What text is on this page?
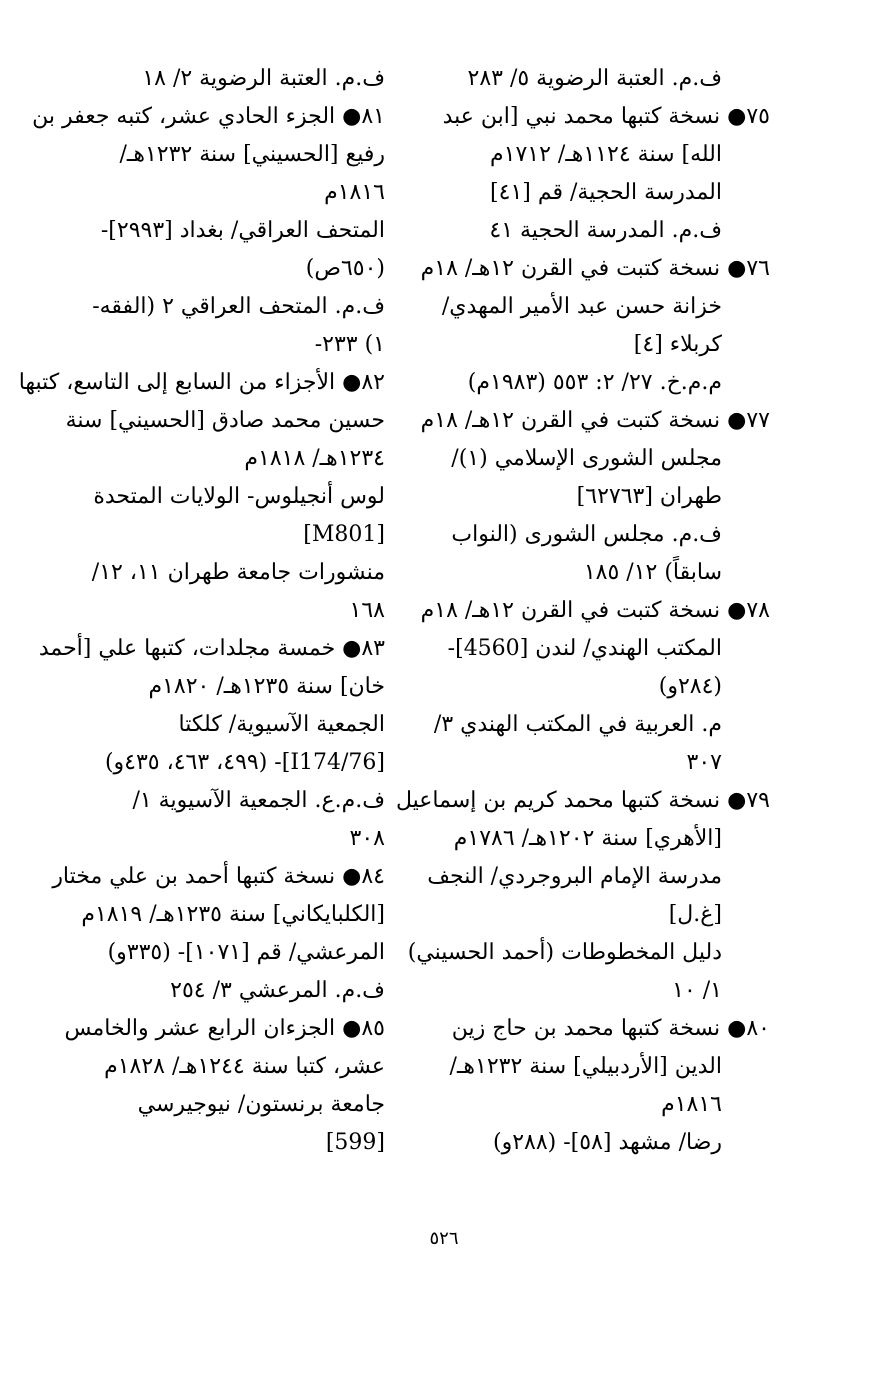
ف.م. العتبة الرضوية ٥/ ٢٨٣
٧٥● نسخة كتبها محمد نبي [ابن عبد
الله] سنة ١١٢٤هـ/ ١٧١٢م
المدرسة الحجية/ قم [٤١]
ف.م. المدرسة الحجية ٤١
٧٦● نسخة كتبت في القرن ١٢هـ/ ١٨م
خزانة حسن عبد الأمير المهدي/
كربلاء [٤]
م.م.خ. ٢٧/ ٢: ٥٥٣ (١٩٨٣م)
٧٧● نسخة كتبت في القرن ١٢هـ/ ١٨م
مجلس الشورى الإسلامي (١)/
طهران [٦٢٧٦٣]
ف.م. مجلس الشورى (النواب
سابقاً) ١٢/ ١٨٥
٧٨● نسخة كتبت في القرن ١٢هـ/ ١٨م
المكتب الهندي/ لندن [4560]-
(٢٨٤و)
م. العربية في المكتب الهندي ٣/
٣٠٧
٧٩● نسخة كتبها محمد كريم بن إسماعيل
[الأهري] سنة ١٢٠٢هـ/ ١٧٨٦م
مدرسة الإمام البروجردي/ النجف
[غ.ل]
دليل المخطوطات (أحمد الحسيني)
١/ ١٠
٨٠● نسخة كتبها محمد بن حاج زين
الدين [الأردبيلي] سنة ١٢٣٢هـ/
١٨١٦م
رضا/ مشهد [٥٨]- (٢٨٨و)
ف.م. العتبة الرضوية ٢/ ١٨
٨١● الجزء الحادي عشر، كتبه جعفر بن
رفيع [الحسيني] سنة ١٢٣٢هـ/
١٨١٦م
المتحف العراقي/ بغداد [٢٩٩٣]-
(٦٥٠ص)
ف.م. المتحف العراقي ٢ (الفقه-
١) ٢٣٣-
٨٢● الأجزاء من السابع إلى التاسع، كتبها
حسين محمد صادق [الحسيني] سنة
١٢٣٤هـ/ ١٨١٨م
لوس أنجيلوس- الولايات المتحدة
[M801]
منشورات جامعة طهران ١١، ١٢/
١٦٨
٨٣● خمسة مجلدات، كتبها علي [أحمد
خان] سنة ١٢٣٥هـ/ ١٨٢٠م
الجمعية الآسيوية/ كلكتا
[I174/76]- (٤٩٩، ٤٦٣، ٤٣٥و)
ف.م.ع. الجمعية الآسيوية ١/
٣٠٨
٨٤● نسخة كتبها أحمد بن علي مختار
[الكلبايكاني] سنة ١٢٣٥هـ/ ١٨١٩م
المرعشي/ قم [١٠٧١]- (٣٣٥و)
ف.م. المرعشي ٣/ ٢٥٤
٨٥● الجزءان الرابع عشر والخامس
عشر، كتبا سنة ١٢٤٤هـ/ ١٨٢٨م
جامعة برنستون/ نيوجيرسي
[599]
٥٢٦
